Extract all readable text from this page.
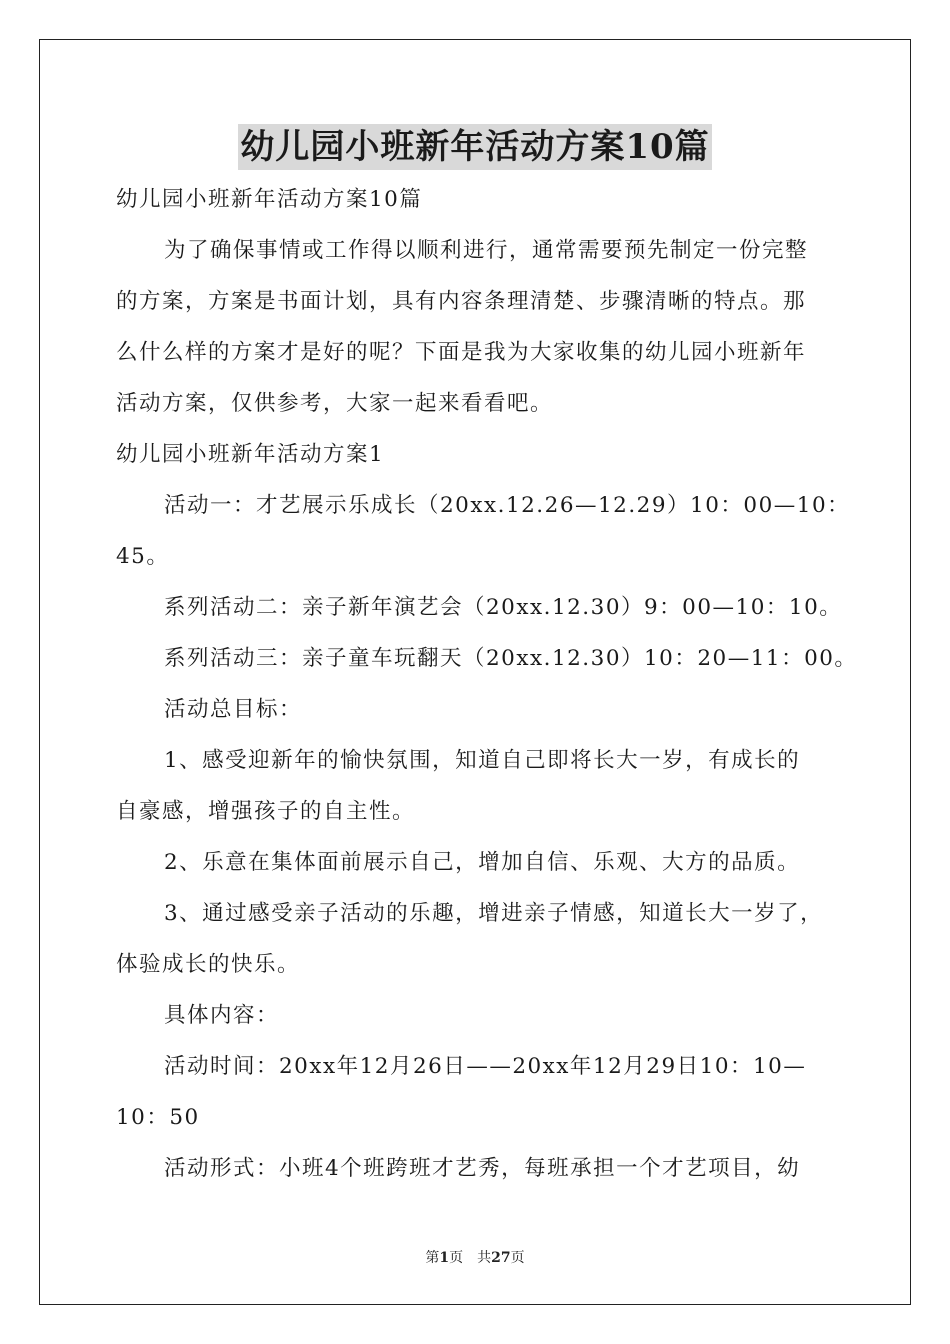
幼儿园小班新年活动方案10篇
幼儿园小班新年活动方案10篇
为了确保事情或工作得以顺利进行，通常需要预先制定一份完整
的方案，方案是书面计划，具有内容条理清楚、步骤清晰的特点。那
么什么样的方案才是好的呢？下面是我为大家收集的幼儿园小班新年
活动方案，仅供参考，大家一起来看看吧。
幼儿园小班新年活动方案1
活动一：才艺展示乐成长（20xx.12.26—12.29）10：00—10：
45。
系列活动二：亲子新年演艺会（20xx.12.30）9：00—10：10。
系列活动三：亲子童车玩翻天（20xx.12.30）10：20—11：00。
活动总目标：
1、感受迎新年的愉快氛围，知道自己即将长大一岁，有成长的
自豪感，增强孩子的自主性。
2、乐意在集体面前展示自己，增加自信、乐观、大方的品质。
3、通过感受亲子活动的乐趣，增进亲子情感，知道长大一岁了，
体验成长的快乐。
具体内容：
活动时间：20xx年12月26日——20xx年12月29日10：10—
10：50
活动形式：小班4个班跨班才艺秀，每班承担一个才艺项目，幼
第1页　共27页
